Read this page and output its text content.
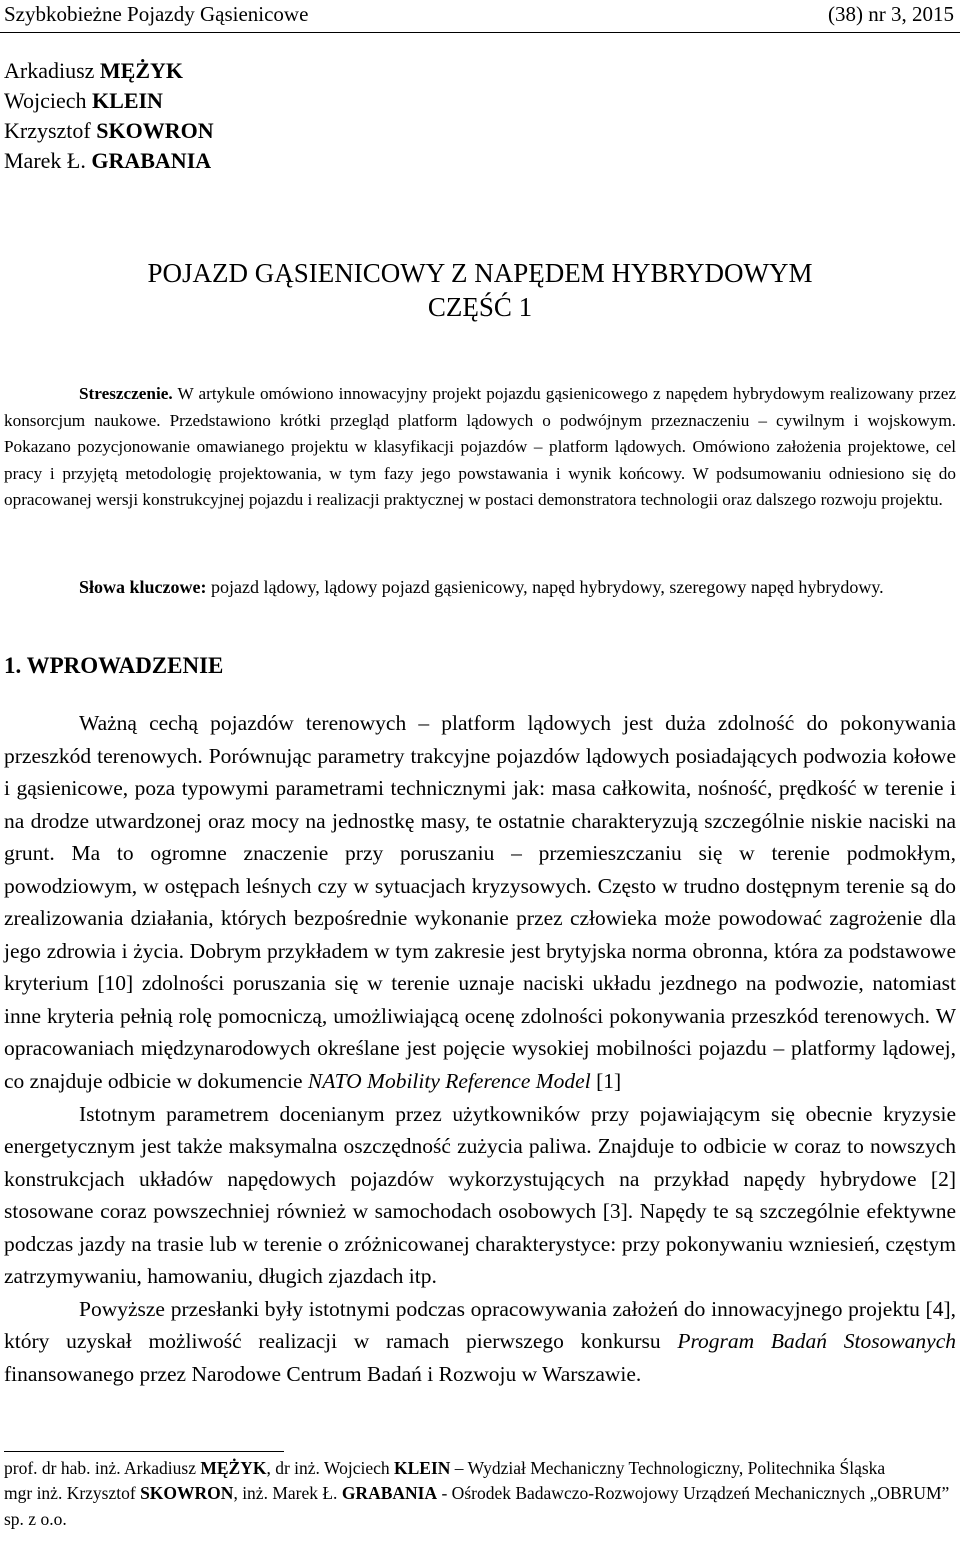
Szybkobieżne Pojazdy Gąsienicowe	(38) nr 3, 2015
Arkadiusz MĘŻYK
Wojciech KLEIN
Krzysztof SKOWRON
Marek Ł. GRABANIA
POJAZD GĄSIENICOWY Z NAPĘDEM HYBRYDOWYM
CZĘŚĆ 1

Streszczenie. W artykule omówiono innowacyjny projekt pojazdu gąsienicowego z napędem hybrydowym realizowany przez konsorcjum naukowe. Przedstawiono krótki przegląd platform lądowych o podwójnym przeznaczeniu – cywilnym i wojskowym. Pokazano pozycjonowanie omawianego projektu w klasyfikacji pojazdów – platform lądowych. Omówiono założenia projektowe, cel pracy i przyjętą metodologię projektowania, w tym fazy jego powstawania i wynik końcowy. W podsumowaniu odniesiono się do opracowanej wersji konstrukcyjnej pojazdu i realizacji praktycznej w postaci demonstratora technologii oraz dalszego rozwoju projektu.

Słowa kluczowe: pojazd lądowy, lądowy pojazd gąsienicowy, napęd hybrydowy, szeregowy napęd hybrydowy.

1. WPROWADZENIE

Ważną cechą pojazdów terenowych – platform lądowych jest duża zdolność do pokonywania przeszkód terenowych. Porównując parametry trakcyjne pojazdów lądowych posiadających podwozia kołowe i gąsienicowe, poza typowymi parametrami technicznymi jak: masa całkowita, nośność, prędkość w terenie i na drodze utwardzonej oraz mocy na jednostkę masy, te ostatnie charakteryzują szczególnie niskie naciski na grunt. Ma to ogromne znaczenie przy poruszaniu – przemieszczaniu się w terenie podmokłym, powodziowym, w ostępach leśnych czy w sytuacjach kryzysowych. Często w trudno dostępnym terenie są do zrealizowania działania, których bezpośrednie wykonanie przez człowieka może powodować zagrożenie dla jego zdrowia i życia. Dobrym przykładem w tym zakresie jest brytyjska norma obronna, która za podstawowe kryterium [10] zdolności poruszania się w terenie uznaje naciski układu jezdnego na podwozie, natomiast inne kryteria pełnią rolę pomocniczą, umożliwiającą ocenę zdolności pokonywania przeszkód terenowych. W opracowaniach międzynarodowych określane jest pojęcie wysokiej mobilności pojazdu – platformy lądowej, co znajduje odbicie w dokumencie NATO Mobility Reference Model [1]

Istotnym parametrem docenianym przez użytkowników przy pojawiającym się obecnie kryzysie energetycznym jest także maksymalna oszczędność zużycia paliwa. Znajduje to odbicie w coraz to nowszych konstrukcjach układów napędowych pojazdów wykorzystujących na przykład napędy hybrydowe [2] stosowane coraz powszechniej również w samochodach osobowych [3]. Napędy te są szczególnie efektywne podczas jazdy na trasie lub w terenie o zróżnicowanej charakterystyce: przy pokonywaniu wzniesień, częstym zatrzymywaniu, hamowaniu, długich zjazdach itp.

Powyższe przesłanki były istotnymi podczas opracowywania założeń do innowacyjnego projektu [4], który uzyskał możliwość realizacji w ramach pierwszego konkursu Program Badań Stosowanych finansowanego przez Narodowe Centrum Badań i Rozwoju w Warszawie.

prof. dr hab. inż. Arkadiusz MĘŻYK, dr inż. Wojciech KLEIN – Wydział Mechaniczny Technologiczny, Politechnika Śląska

mgr inż. Krzysztof SKOWRON, inż. Marek Ł. GRABANIA - Ośrodek Badawczo-Rozwojowy Urządzeń Mechanicznych „OBRUM” sp. z o.o.
